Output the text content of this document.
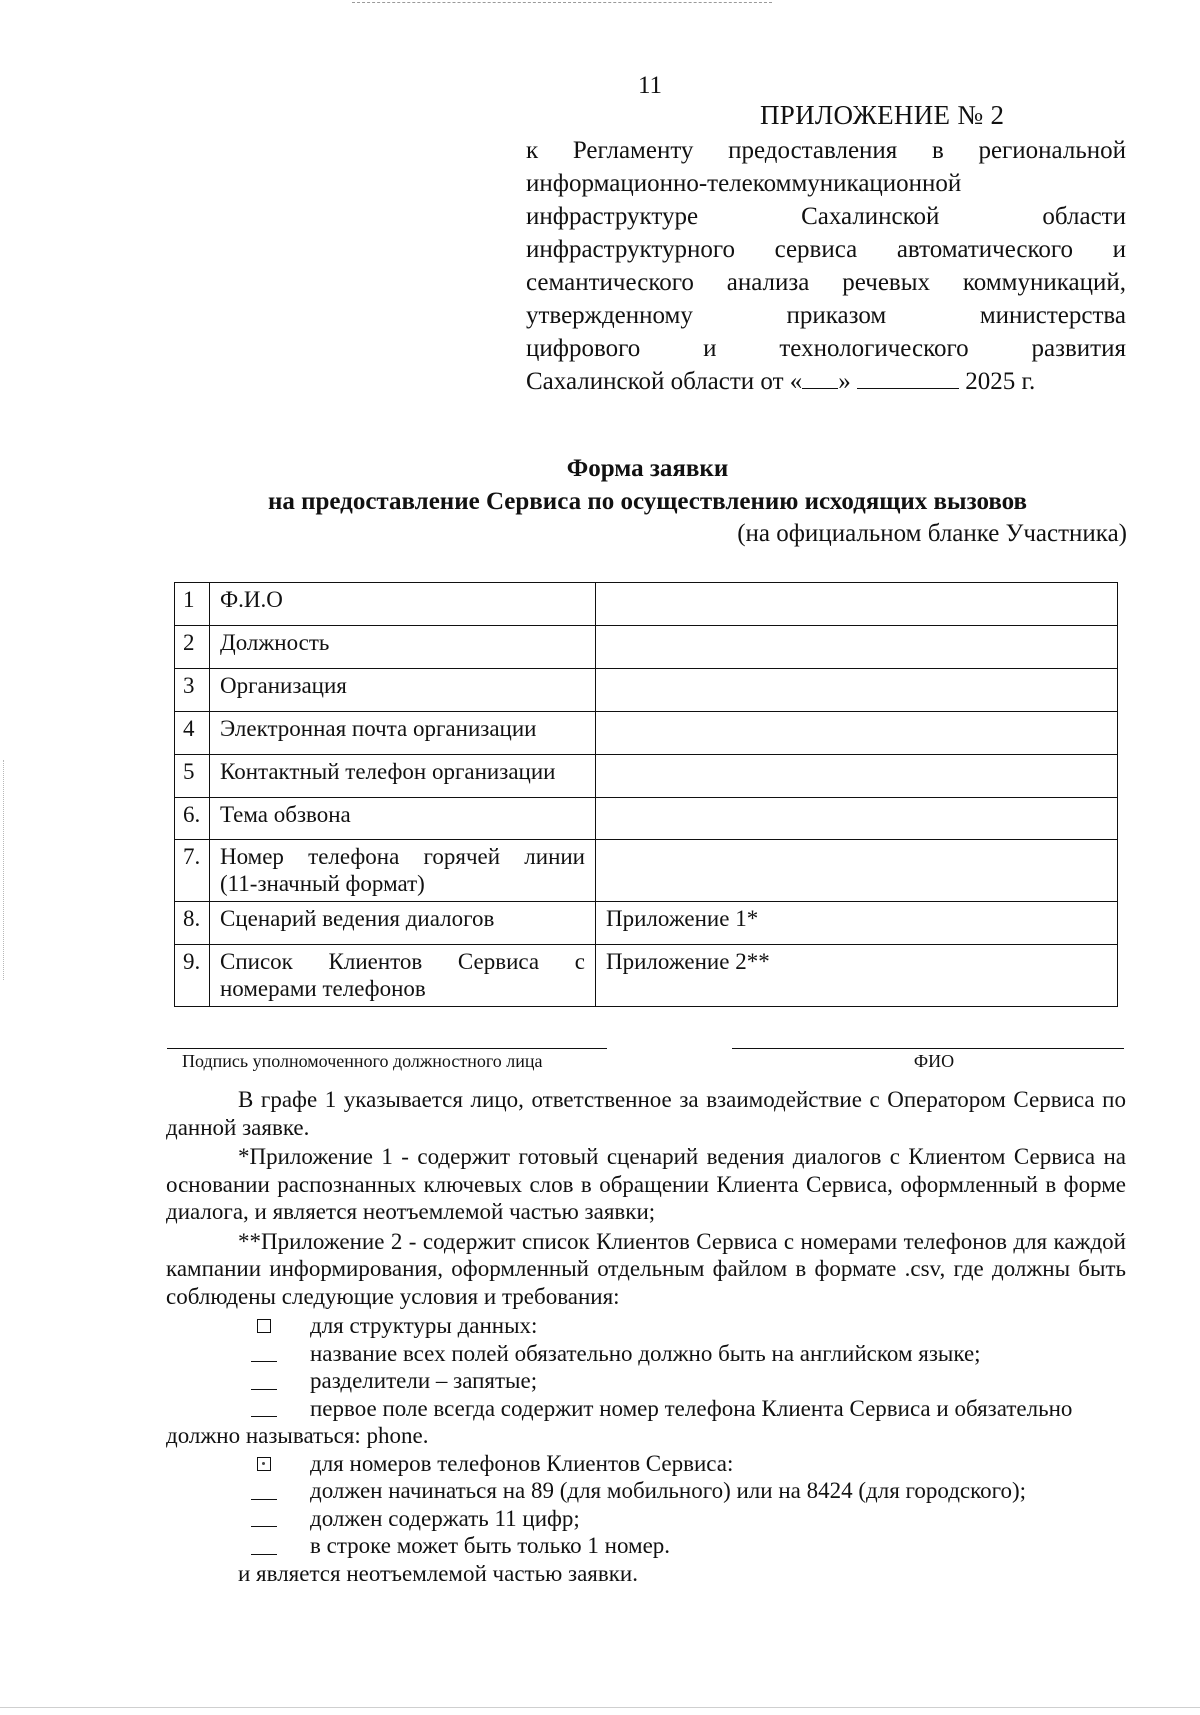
11
ПРИЛОЖЕНИЕ № 2
к Регламенту предоставления в региональной
информационно-телекоммуникационной
инфраструктуре	Сахалинской	области
инфраструктурного сервиса автоматического и
семантического анализа речевых коммуникаций,
утвержденному	приказом	министерства
цифрового	и	технологического	развития
Сахалинской области от « »	2025 г.
Форма заявки
на предоставление Сервиса по осуществлению исходящих вызовов
(на официальном бланке Участника)
1	Ф.И.О	
2	Должность	
3	Организация	
4	Электронная почта организации	
5	Контактный телефон организации	
6.	Тема обзвона	
7.	Номер телефона горячей линии
(11-значный формат)	

8.	Сценарий ведения диалогов	Приложение 1*
9.	Список Клиентов Сервиса с
номерами телефонов	Приложение 2**
Подпись уполномоченного должностного лица	ФИО

В графе 1 указывается лицо, ответственное за взаимодействие с Оператором Сервиса по данной заявке.

*Приложение 1 - содержит готовый сценарий ведения диалогов с Клиентом Сервиса на основании распознанных ключевых слов в обращении Клиента Сервиса, оформленный в форме диалога, и является неотъемлемой частью заявки;

**Приложение 2 - содержит список Клиентов Сервиса с номерами телефонов для каждой кампании информирования, оформленный отдельным файлом в формате .csv, где должны быть соблюдены следующие условия и требования:

для структуры данных:
название всех полей обязательно должно быть на английском языке;
разделители – запятые;
первое поле всегда содержит номер телефона Клиента Сервиса и обязательно

должно называться: phone.

для номеров телефонов Клиентов Сервиса:
должен начинаться на 89 (для мобильного) или на 8424 (для городского);
должен содержать 11 цифр;
в строке может быть только 1 номер.

и является неотъемлемой частью заявки.
